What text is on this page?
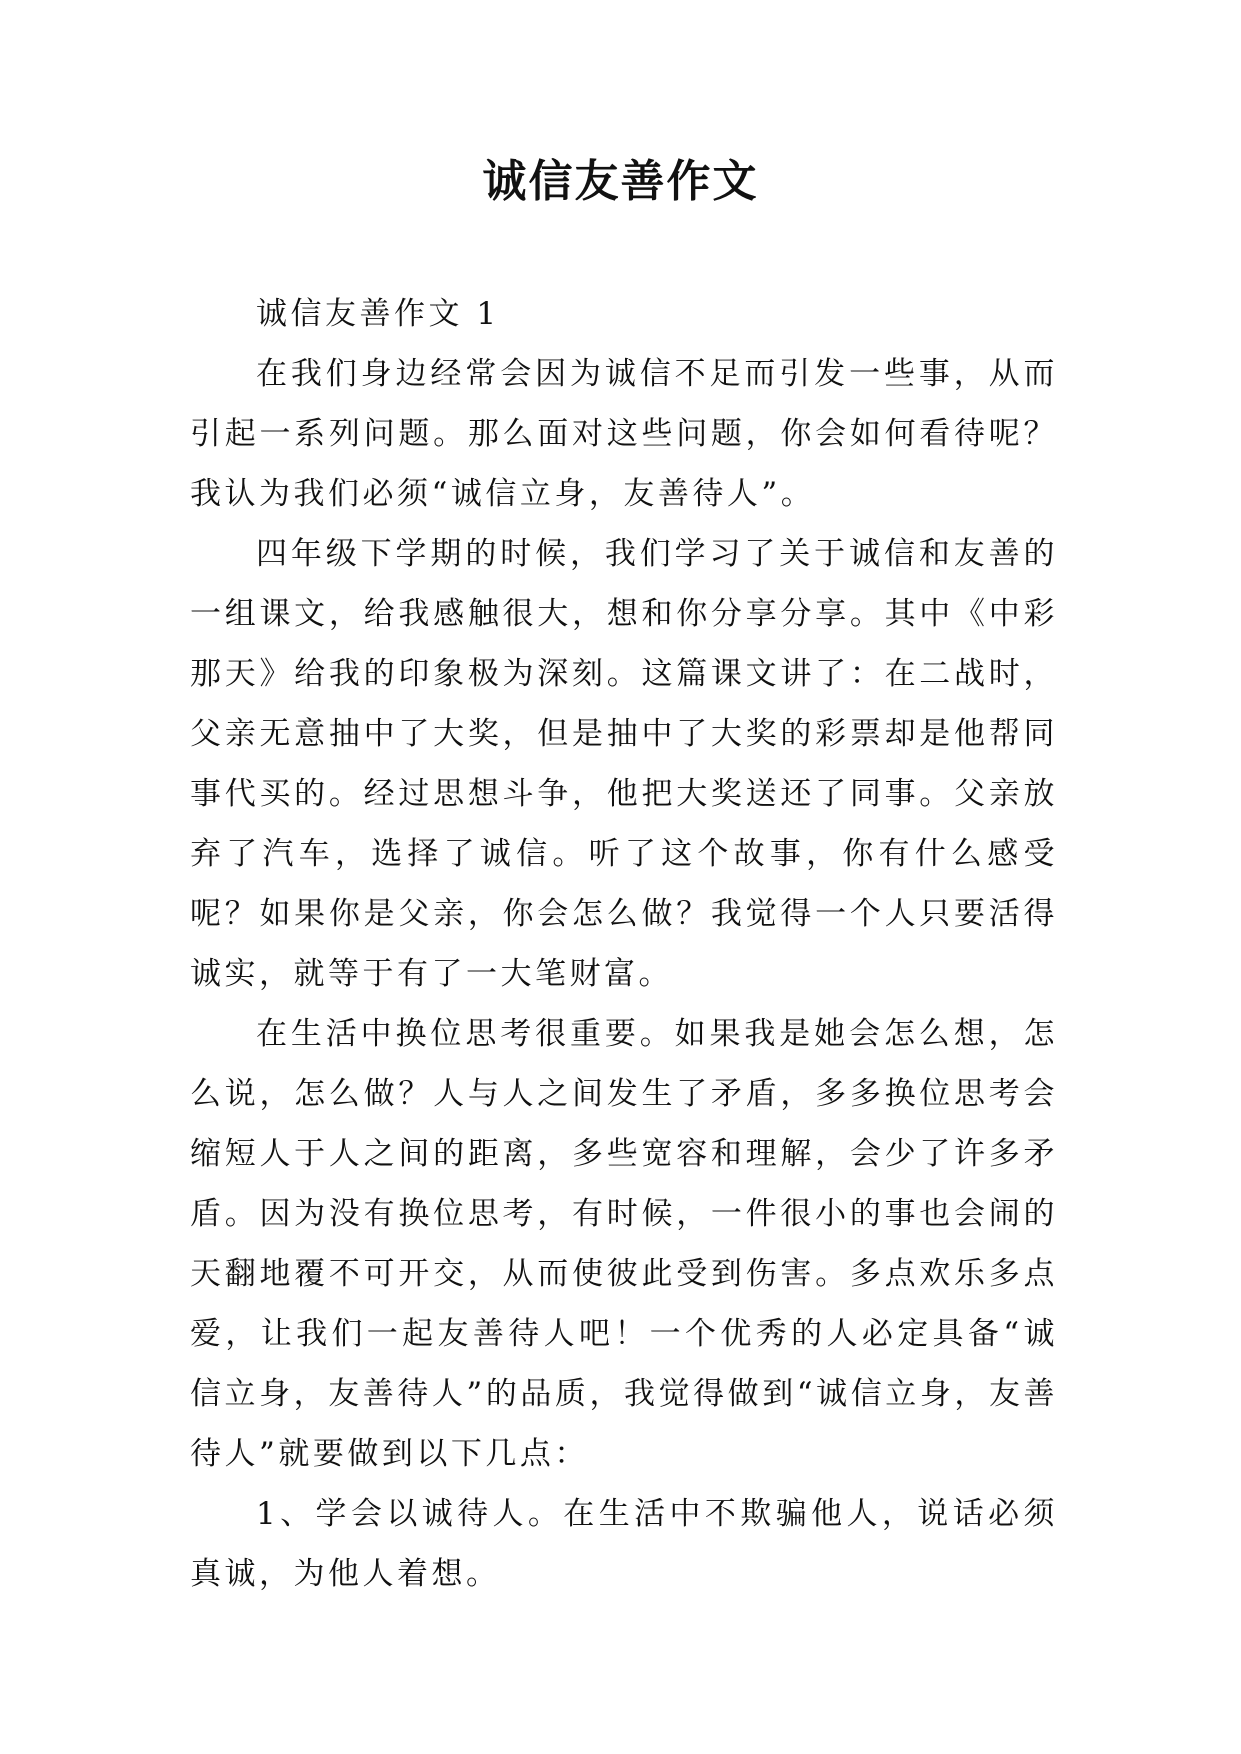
诚信友善作文

诚信友善作文 1

在我们身边经常会因为诚信不足而引发一些事，从而引起一系列问题。那么面对这些问题，你会如何看待呢？我认为我们必须“诚信立身，友善待人”。

四年级下学期的时候，我们学习了关于诚信和友善的一组课文，给我感触很大，想和你分享分享。其中《中彩那天》给我的印象极为深刻。这篇课文讲了：在二战时，父亲无意抽中了大奖，但是抽中了大奖的彩票却是他帮同事代买的。经过思想斗争，他把大奖送还了同事。父亲放弃了汽车，选择了诚信。听了这个故事，你有什么感受呢？如果你是父亲，你会怎么做？我觉得一个人只要活得诚实，就等于有了一大笔财富。

在生活中换位思考很重要。如果我是她会怎么想，怎么说，怎么做？人与人之间发生了矛盾，多多换位思考会缩短人于人之间的距离，多些宽容和理解，会少了许多矛盾。因为没有换位思考，有时候，一件很小的事也会闹的天翻地覆不可开交，从而使彼此受到伤害。多点欢乐多点爱，让我们一起友善待人吧！一个优秀的人必定具备“诚信立身，友善待人”的品质，我觉得做到“诚信立身，友善待人”就要做到以下几点：

1、学会以诚待人。在生活中不欺骗他人，说话必须真诚，为他人着想。
